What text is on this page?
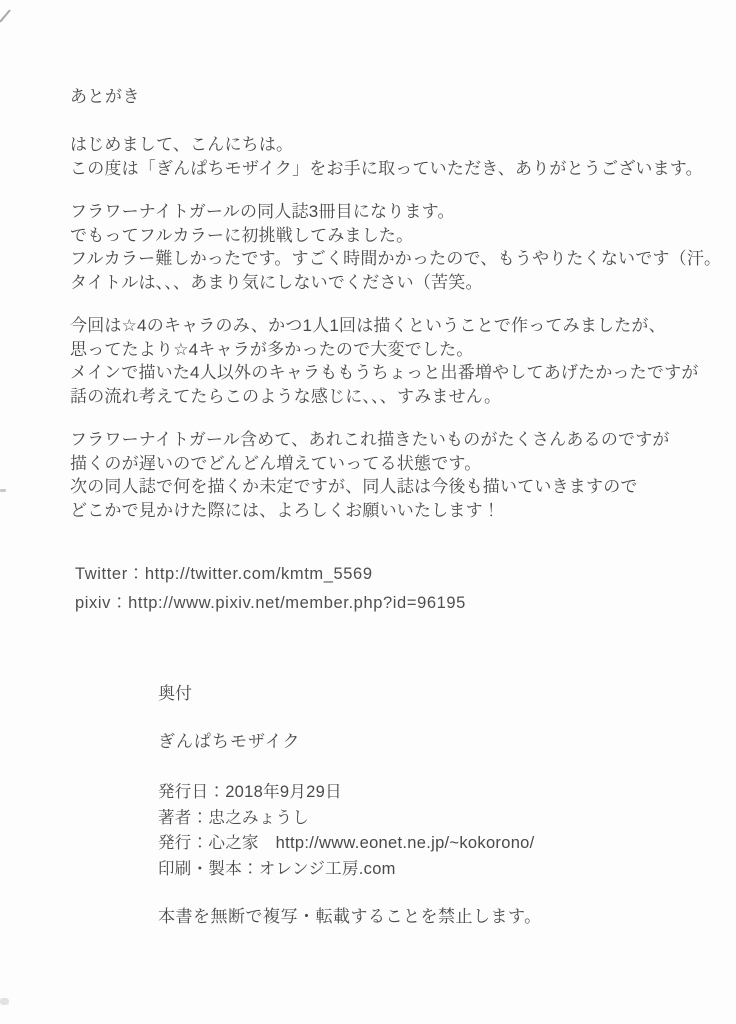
あとがき

はじめまして、こんにちは。
この度は「ぎんぱちモザイク」をお手に取っていただき、ありがとうございます。

フラワーナイトガールの同人誌3冊目になります。
でもってフルカラーに初挑戦してみました。
フルカラー難しかったです。すごく時間かかったので、もうやりたくないです（汗。
タイトルは、、、あまり気にしないでください（苦笑。

今回は☆4のキャラのみ、かつ1人1回は描くということで作ってみましたが、
思ってたより☆4キャラが多かったので大変でした。
メインで描いた4人以外のキャラももうちょっと出番増やしてあげたかったですが
話の流れ考えてたらこのような感じに、、、すみません。

フラワーナイトガール含めて、あれこれ描きたいものがたくさんあるのですが
描くのが遅いのでどんどん増えていってる状態です。
次の同人誌で何を描くか未定ですが、同人誌は今後も描いていきますので
どこかで見かけた際には、よろしくお願いいたします！

Twitter：http://twitter.com/kmtm_5569
pixiv：http://www.pixiv.net/member.php?id=96195
奥付

ぎんぱちモザイク

発行日：2018年9月29日
著者：忠之みょうし
発行：心之家　http://www.eonet.ne.jp/~kokorono/
印刷・製本：オレンジ工房.com

本書を無断で複写・転載することを禁止します。
